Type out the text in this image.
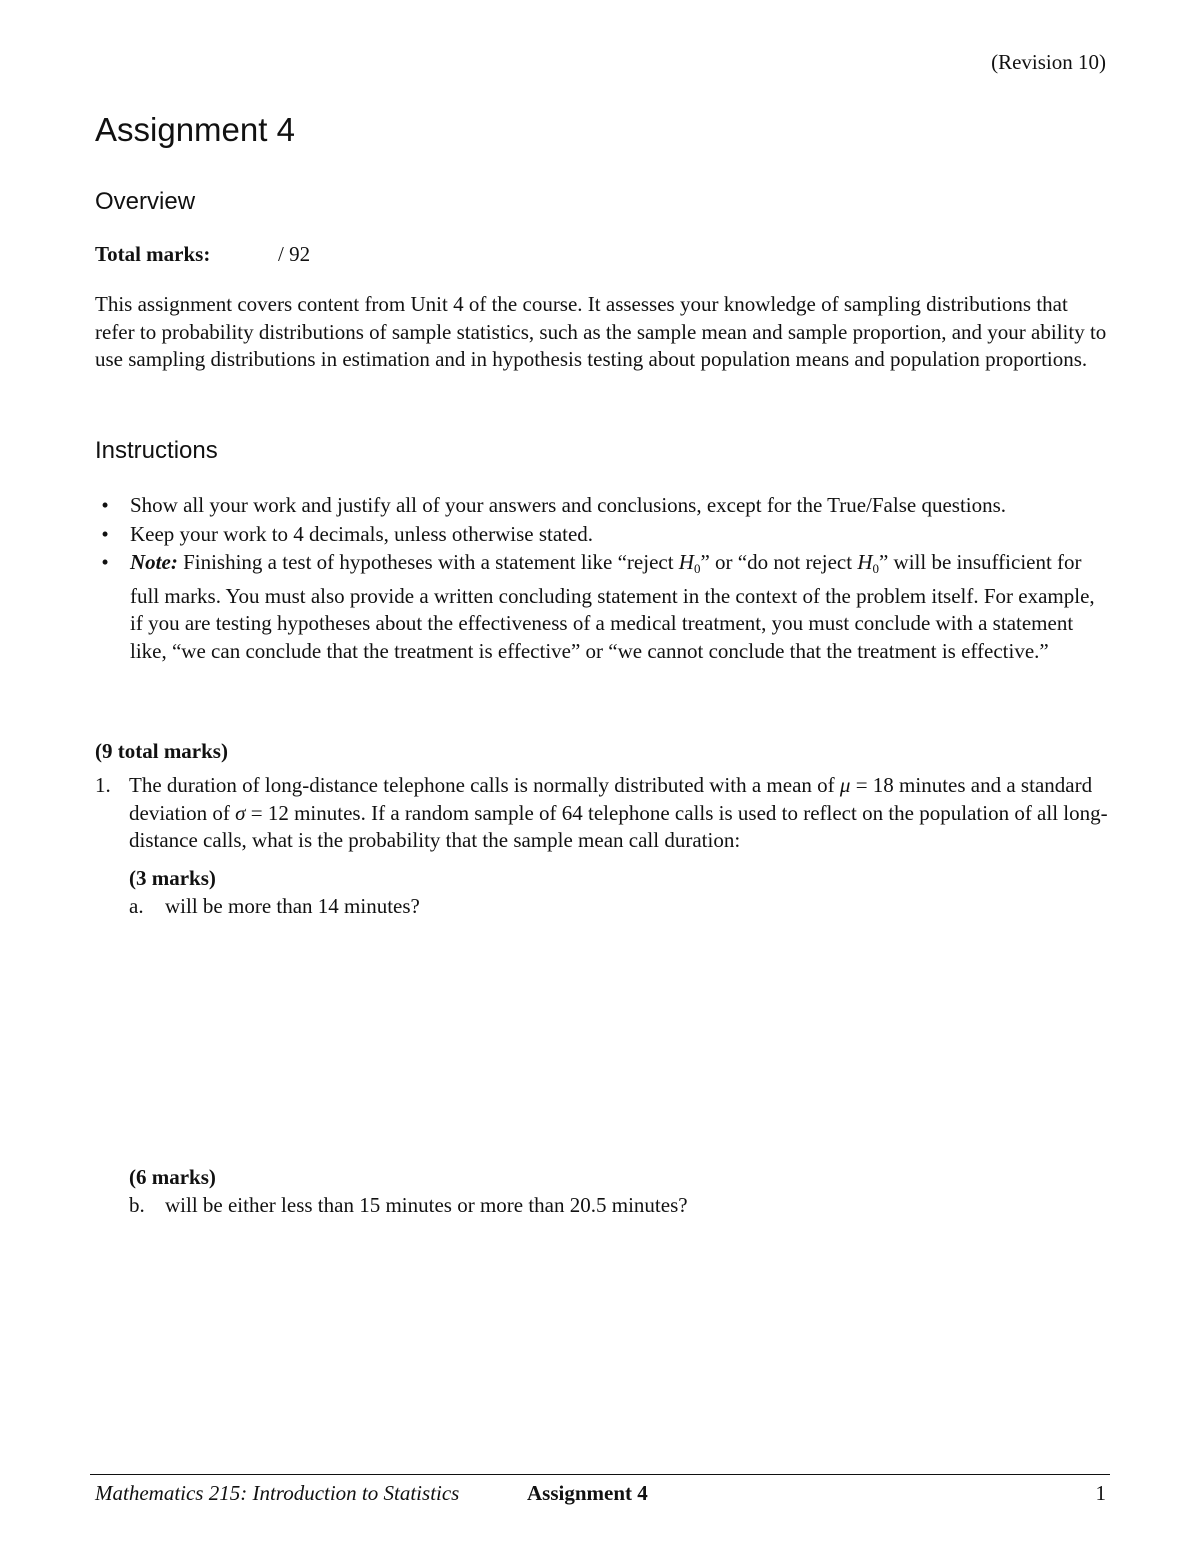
(Revision 10)
Assignment 4
Overview
Total marks:	/ 92
This assignment covers content from Unit 4 of the course. It assesses your knowledge of sampling distributions that refer to probability distributions of sample statistics, such as the sample mean and sample proportion, and your ability to use sampling distributions in estimation and in hypothesis testing about population means and population proportions.
Instructions
•	Show all your work and justify all of your answers and conclusions, except for the True/False questions.
•	Keep your work to 4 decimals, unless otherwise stated.
•	Note: Finishing a test of hypotheses with a statement like “reject $H_0$” or “do not reject $H_0$” will be insufficient for full marks. You must also provide a written concluding statement in the context of the problem itself. For example, if you are testing hypotheses about the effectiveness of a medical treatment, you must conclude with a statement like, “we can conclude that the treatment is effective” or “we cannot conclude that the treatment is effective.”
(9 total marks)
1. The duration of long-distance telephone calls is normally distributed with a mean of μ = 18 minutes and a standard deviation of σ = 12 minutes. If a random sample of 64 telephone calls is used to reflect on the population of all long-distance calls, what is the probability that the sample mean call duration:
(3 marks)
a. will be more than 14 minutes?
(6 marks)
b. will be either less than 15 minutes or more than 20.5 minutes?
Mathematics 215: Introduction to Statistics	Assignment 4	1
